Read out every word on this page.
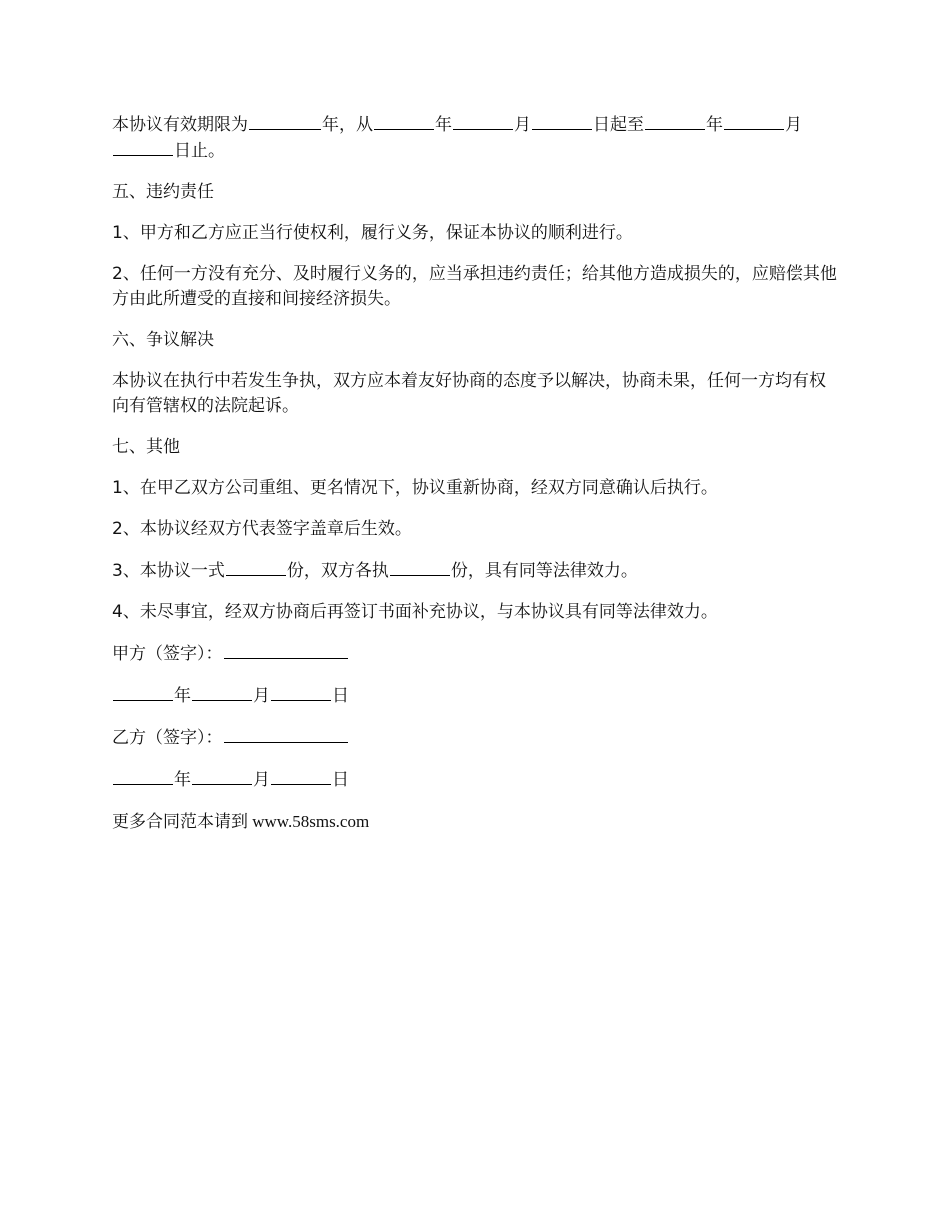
本协议有效期限为	年，从	年	月	日起至	年	月
日止。

五、违约责任

1、甲方和乙方应正当行使权利，履行义务，保证本协议的顺利进行。

2、任何一方没有充分、及时履行义务的，应当承担违约责任；给其他方造成损失的，应赔偿其他方由此所遭受的直接和间接经济损失。

六、争议解决

本协议在执行中若发生争执，双方应本着友好协商的态度予以解决，协商未果，任何一方均有权向有管辖权的法院起诉。

七、其他

1、在甲乙双方公司重组、更名情况下，协议重新协商，经双方同意确认后执行。

2、本协议经双方代表签字盖章后生效。

3、本协议一式	份，双方各执	份，具有同等法律效力。

4、未尽事宜，经双方协商后再签订书面补充协议，与本协议具有同等法律效力。

甲方（签字）：

年	月	日

乙方（签字）：

年	月	日

更多合同范本请到 www.58sms.com
